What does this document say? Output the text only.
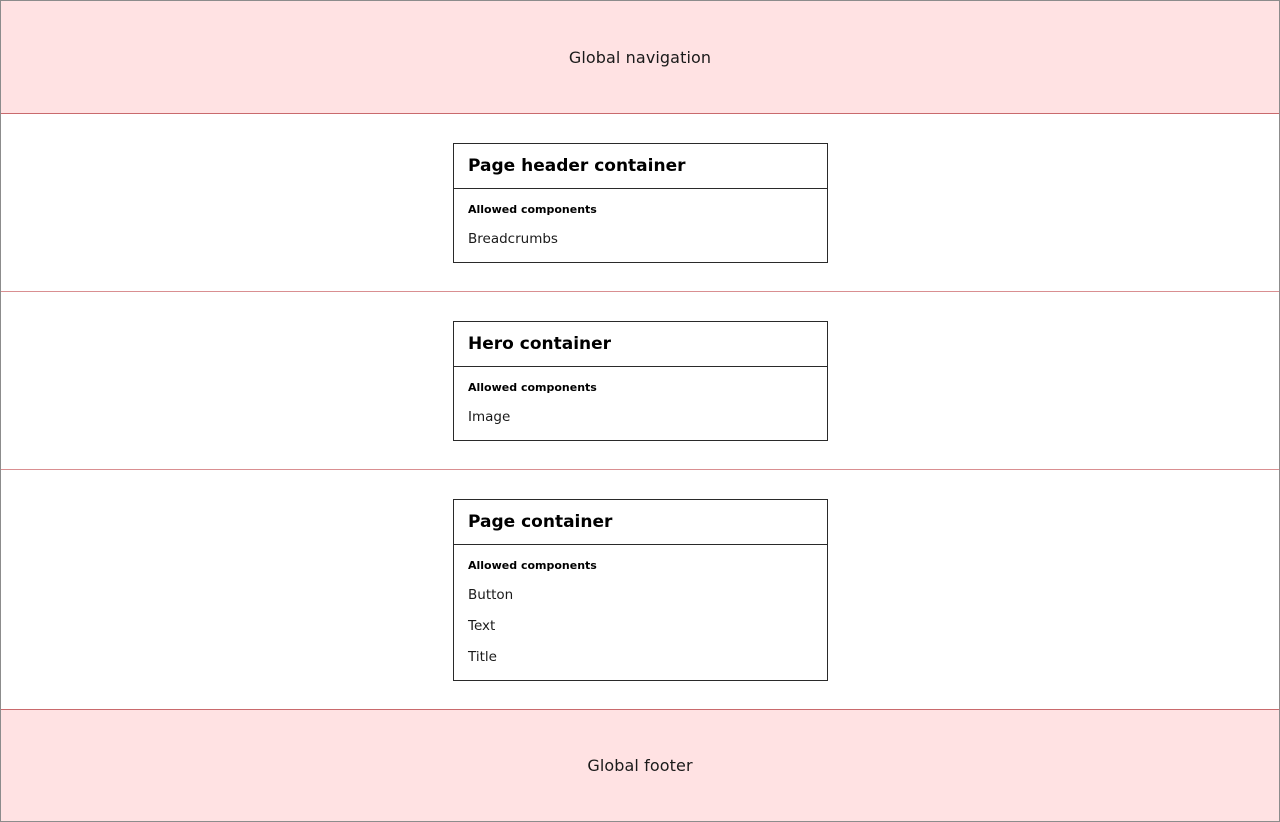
Global navigation
Page header container
Allowed components
Breadcrumbs
Hero container
Allowed components
Image
Page container
Allowed components
Button
Text
Title
Global footer
